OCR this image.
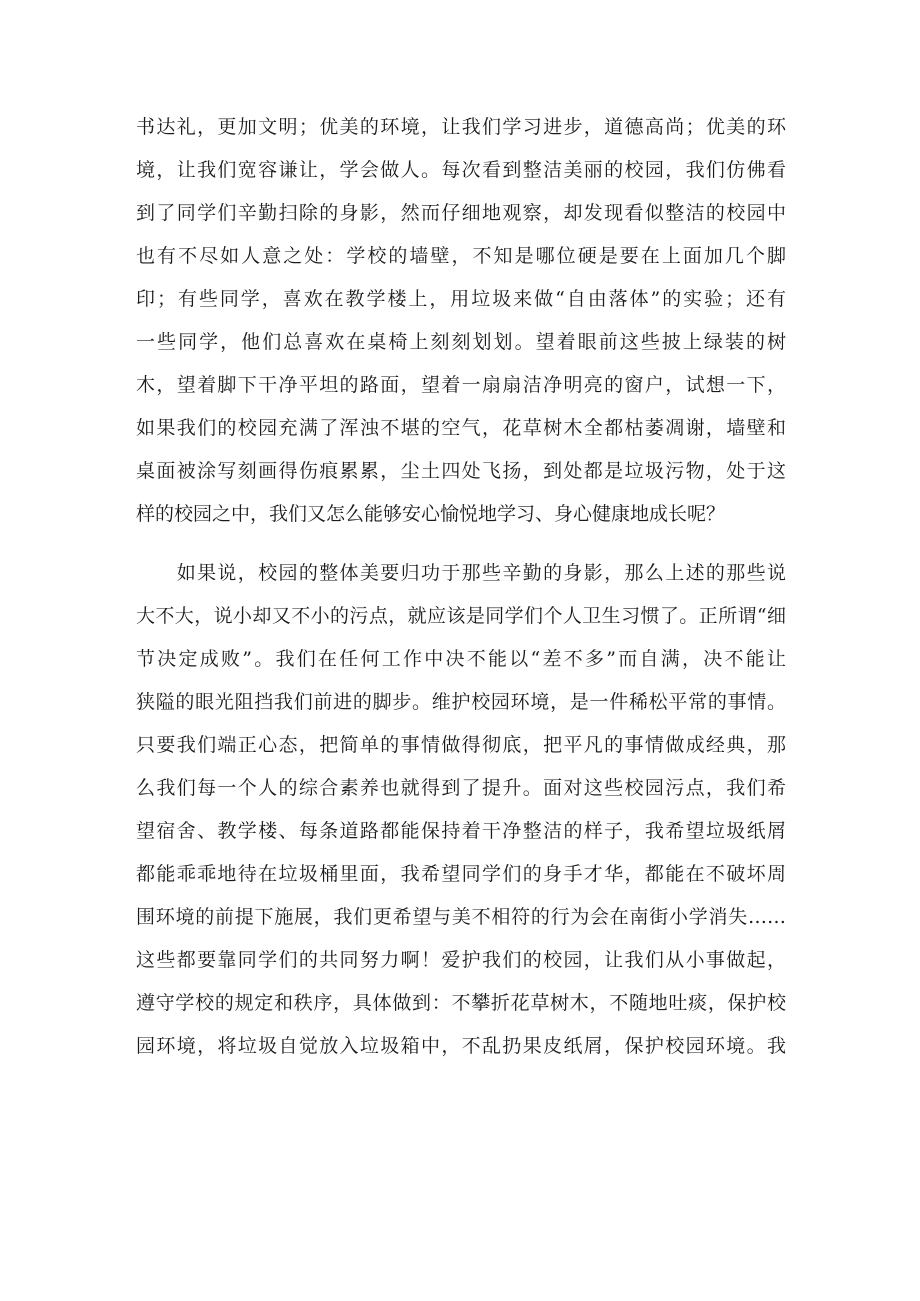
书达礼，更加文明；优美的环境，让我们学习进步，道德高尚；优美的环
境，让我们宽容谦让，学会做人。每次看到整洁美丽的校园，我们仿佛看
到了同学们辛勤扫除的身影，然而仔细地观察，却发现看似整洁的校园中
也有不尽如人意之处：学校的墙壁，不知是哪位硬是要在上面加几个脚
印；有些同学，喜欢在教学楼上，用垃圾来做“自由落体”的实验；还有
一些同学，他们总喜欢在桌椅上刻刻划划。望着眼前这些披上绿装的树
木，望着脚下干净平坦的路面，望着一扇扇洁净明亮的窗户，试想一下，
如果我们的校园充满了浑浊不堪的空气，花草树木全都枯萎凋谢，墙壁和
桌面被涂写刻画得伤痕累累，尘土四处飞扬，到处都是垃圾污物，处于这
样的校园之中，我们又怎么能够安心愉悦地学习、身心健康地成长呢？
　　如果说，校园的整体美要归功于那些辛勤的身影，那么上述的那些说
大不大，说小却又不小的污点，就应该是同学们个人卫生习惯了。正所谓“细
节决定成败”。我们在任何工作中决不能以“差不多”而自满，决不能让
狭隘的眼光阻挡我们前进的脚步。维护校园环境，是一件稀松平常的事情。
只要我们端正心态，把简单的事情做得彻底，把平凡的事情做成经典，那
么我们每一个人的综合素养也就得到了提升。面对这些校园污点，我们希
望宿舍、教学楼、每条道路都能保持着干净整洁的样子，我希望垃圾纸屑
都能乖乖地待在垃圾桶里面，我希望同学们的身手才华，都能在不破坏周
围环境的前提下施展，我们更希望与美不相符的行为会在南街小学消失……
这些都要靠同学们的共同努力啊！爱护我们的校园，让我们从小事做起，
遵守学校的规定和秩序，具体做到：不攀折花草树木，不随地吐痰，保护校
园环境，将垃圾自觉放入垃圾箱中，不乱扔果皮纸屑，保护校园环境。我
